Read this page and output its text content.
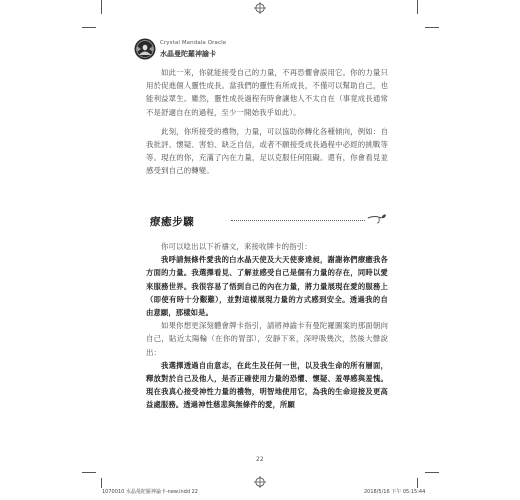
Crystal Mandala Oracle
水晶曼陀羅神諭卡

如此一來，你就能接受自己的力量，不再恐懼會誤用它。你的力量只用於促進個人靈性成長。當我們的靈性有所成長，不僅可以幫助自己，也能利益眾生。雖然，靈性成長過程有時會讓他人不太自在（事竟成長通常不是舒適自在的過程，至少一開始我乎如此）。

此刻，你所接受的禮物，力量，可以協助你轉化各種傾向，例如：自我批評、懷疑、害怕、缺乏自信，或者不願接受成長過程中必經的挑戰等等。現在的你，充滿了內在力量，足以克服任何阻礙。還有，你會看見並感受到自己的轉變。

療癒步驟

你可以唸出以下祈禱文，來接收牌卡的指引：

我呼請無條件愛我的白水晶天使及大天使麥達昶，謝謝祢們療癒我各方面的力量。我選擇看見、了解並感受自己是個有力量的存在，同時以愛來服務世界。我很容易了悟到自己的內在力量，將力量展現在愛的服務上（即使有時十分艱難），並對這樣展現力量的方式感到安全。透過我的自由意願，那樣如是。

如果你想更深刻體會牌卡指引，請將神諭卡有曼陀羅圖案的那面朝向自己，貼近太陽輪（在你的胃部），安靜下來，深呼吸幾次，然後大聲說出：

我選擇透過自由意志，在此生及任何一世，以及我生命的所有層面，釋放對於自己及他人，是否正確使用力量的恐懼、懷疑、羞辱感與羞愧。現在我真心接受神性力量的禮物，明智地使用它，為我的生命迎接及更高益處服務。透過神性慈悲與無條件的愛，所願

22
1070010 水晶曼陀羅神論卡-new.indd 22	2018/5/16 下午 05:15:44
